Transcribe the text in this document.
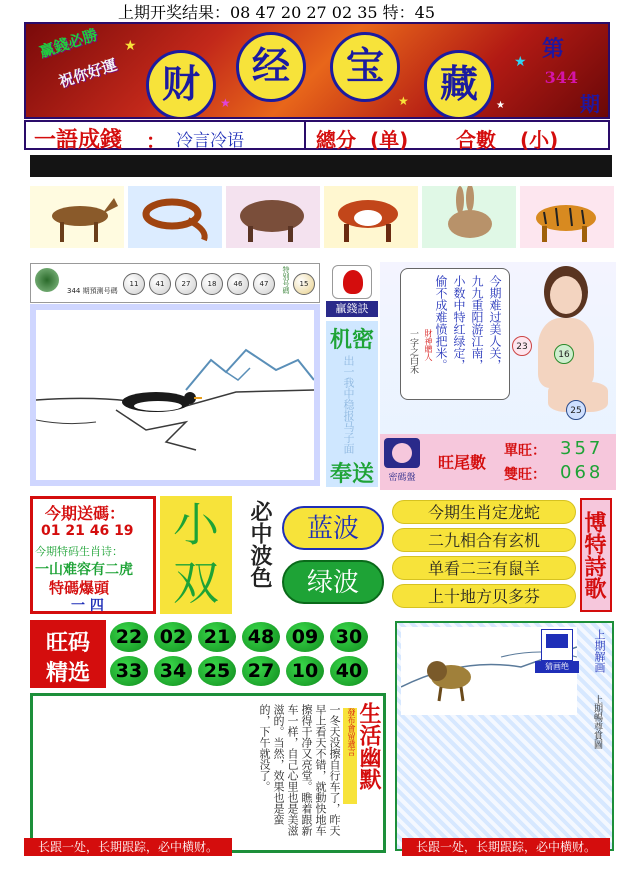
上期开奖结果：08 47 20 27 02 35 特：45
赢錢必勝
祝你好運	财	经	宝	藏
第
344
期
★
★
★
★	★
一語成錢 ： 冷言冷语	總分 (单) 合數 (小)
344 期預測号碼
11	41	27	18	46	47	特别号碼	15
贏錢訣
机密
出一我中稳报马子面
奉送
一字之白禾	今期难过美人关，
九九重阳游江南，
小数中特红绿定，
偷不成难愤把米。
財神贈人	23
16
25
密碼盤
旺尾數
單旺： 357
雙旺： 068
今期送碼：
01 21 46 19
今期特码生肖诗：
一山难容有二虎
特碼爆頭
一 四
小
双	必中波色	蓝波
绿波
今期生肖定龙蛇
二九相合有玄机
单看二三有鼠羊
上十地方贝多芬	博特詩歌
旺码
精选
22 02 21 48 09 30
33 34 25 27 10 40
一冬天没擦自行车了，昨天早上看天不错，就動快地车擦得干净又亮堂。瞧着跟新车一样，自己心里也是美滋滋的。当然，效果也是蛮的，下午就没了。	發布會留遺言 生活幽默
猜画绝	上期解画
上期暢尊賞圖
长跟一处，长期跟踪，必中横财。	长跟一处，长期跟踪，必中横财。
